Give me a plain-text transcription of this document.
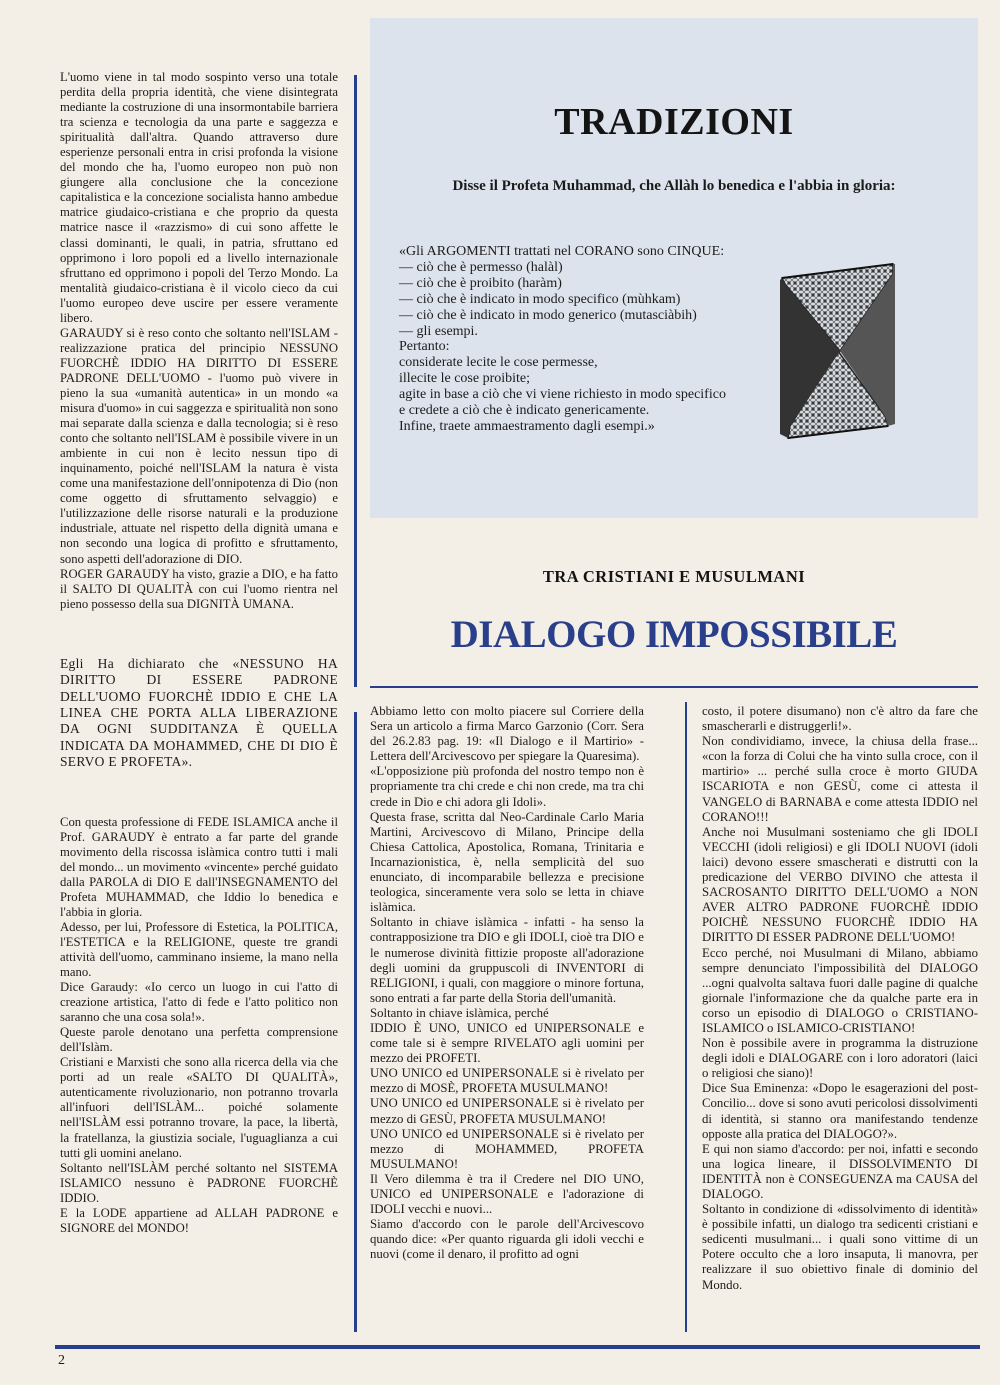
L'uomo viene in tal modo sospinto verso una totale perdita della propria identità, che viene disintegrata mediante la costruzione di una insormontabile barriera tra scienza e tecnologia da una parte e saggezza e spiritualità dall'altra. Quando attraverso dure esperienze personali entra in crisi profonda la visione del mondo che ha, l'uomo europeo non può non giungere alla conclusione che la concezione capitalistica e la concezione socialista hanno ambedue matrice giudaico-cristiana e che proprio da questa matrice nasce il «razzismo» di cui sono affette le classi dominanti, le quali, in patria, sfruttano ed opprimono i loro popoli ed a livello internazionale sfruttano ed opprimono i popoli del Terzo Mondo. La mentalità giudaico-cristiana è il vicolo cieco da cui l'uomo europeo deve uscire per essere veramente libero.

GARAUDY si è reso conto che soltanto nell'ISLAM - realizzazione pratica del principio NESSUNO FUORCHÈ IDDIO HA DIRITTO DI ESSERE PADRONE DELL'UOMO - l'uomo può vivere in pieno la sua «umanità autentica» in un mondo «a misura d'uomo» in cui saggezza e spiritualità non sono mai separate dalla scienza e dalla tecnologia; si è reso conto che soltanto nell'ISLAM è possibile vivere in un ambiente in cui non è lecito nessun tipo di inquinamento, poiché nell'ISLAM la natura è vista come una manifestazione dell'onnipotenza di Dio (non come oggetto di sfruttamento selvaggio) e l'utilizzazione delle risorse naturali e la produzione industriale, attuate nel rispetto della dignità umana e non secondo una logica di profitto e sfruttamento, sono aspetti dell'adorazione di DIO.

ROGER GARAUDY ha visto, grazie a DIO, e ha fatto il SALTO DI QUALITÀ con cui l'uomo rientra nel pieno possesso della sua DIGNITÀ UMANA.

Egli Ha dichiarato che «NESSUNO HA DIRITTO DI ESSERE PADRONE DELL'UOMO FUORCHÈ IDDIO E CHE LA LINEA CHE PORTA ALLA LIBERAZIONE DA OGNI SUDDITANZA È QUELLA INDICATA DA MOHAMMED, CHE DI DIO È SERVO E PROFETA».

Con questa professione di FEDE ISLAMICA anche il Prof. GARAUDY è entrato a far parte del grande movimento della riscossa islàmica contro tutti i mali del mondo... un movimento «vincente» perché guidato dalla PAROLA di DIO E dall'INSEGNAMENTO del Profeta MUHAMMAD, che Iddio lo benedica e l'abbia in gloria.

Adesso, per lui, Professore di Estetica, la POLITICA, l'ESTETICA e la RELIGIONE, queste tre grandi attività dell'uomo, camminano insieme, la mano nella mano.

Dice Garaudy: «Io cerco un luogo in cui l'atto di creazione artistica, l'atto di fede e l'atto politico non saranno che una cosa sola!».

Queste parole denotano una perfetta comprensione dell'Islàm.

Cristiani e Marxisti che sono alla ricerca della via che porti ad un reale «SALTO DI QUALITÀ», autenticamente rivoluzionario, non potranno trovarla all'infuori dell'ISLÀM... poiché solamente nell'ISLÀM essi potranno trovare, la pace, la libertà, la fratellanza, la giustizia sociale, l'uguaglianza a cui tutti gli uomini anelano.

Soltanto nell'ISLÀM perché soltanto nel SISTEMA ISLAMICO nessuno è PADRONE FUORCHÈ IDDIO.

E la LODE appartiene ad ALLAH PADRONE e SIGNORE del MONDO!

TRADIZIONI
Disse il Profeta Muhammad, che Allàh lo benedica e l'abbia in gloria:
«Gli ARGOMENTI trattati nel CORANO sono CINQUE:
— ciò che è permesso (halàl)
— ciò che è proibito (haràm)
— ciò che è indicato in modo specifico (mùhkam)
— ciò che è indicato in modo generico (mutasciàbih)
— gli esempi.
Pertanto:
considerate lecite le cose permesse,
illecite le cose proibite;
agite in base a ciò che vi viene richiesto in modo specifico
e credete a ciò che è indicato genericamente.
Infine, traete ammaestramento dagli esempi.»
TRA CRISTIANI E MUSULMANI
DIALOGO IMPOSSIBILE

Abbiamo letto con molto piacere sul Corriere della Sera un articolo a firma Marco Garzonio (Corr. Sera del 26.2.83 pag. 19: «Il Dialogo e il Martirio» - Lettera dell'Arcivescovo per spiegare la Quaresima).

«L'opposizione più profonda del nostro tempo non è propriamente tra chi crede e chi non crede, ma tra chi crede in Dio e chi adora gli Idoli».

Questa frase, scritta dal Neo-Cardinale Carlo Maria Martini, Arcivescovo di Milano, Principe della Chiesa Cattolica, Apostolica, Romana, Trinitaria e Incarnazionistica, è, nella semplicità del suo enunciato, di incomparabile bellezza e precisione teologica, sinceramente vera solo se letta in chiave islàmica.

Soltanto in chiave islàmica - infatti - ha senso la contrapposizione tra DIO e gli IDOLI, cioè tra DIO e le numerose divinità fittizie proposte all'adorazione degli uomini da gruppuscoli di INVENTORI di RELIGIONI, i quali, con maggiore o minore fortuna, sono entrati a far parte della Storia dell'umanità.

Soltanto in chiave islàmica, perché

IDDIO È UNO, UNICO ed UNIPERSONALE e come tale si è sempre RIVELATO agli uomini per mezzo dei PROFETI.

UNO UNICO ed UNIPERSONALE si è rivelato per mezzo di MOSÈ, PROFETA MUSULMANO!

UNO UNICO ed UNIPERSONALE si è rivelato per mezzo di GESÙ, PROFETA MUSULMANO!

UNO UNICO ed UNIPERSONALE si è rivelato per mezzo di MOHAMMED, PROFETA MUSULMANO!

Il Vero dilemma è tra il Credere nel DIO UNO, UNICO ed UNIPERSONALE e l'adorazione di IDOLI vecchi e nuovi...

Siamo d'accordo con le parole dell'Arcivescovo quando dice: «Per quanto riguarda gli idoli vecchi e nuovi (come il denaro, il profitto ad ogni

costo, il potere disumano) non c'è altro da fare che smascherarli e distruggerli!».

Non condividiamo, invece, la chiusa della frase... «con la forza di Colui che ha vinto sulla croce, con il martirio» ... perché sulla croce è morto GIUDA ISCARIOTA e non GESÙ, come ci attesta il VANGELO di BARNABA e come attesta IDDIO nel CORANO!!!

Anche noi Musulmani sosteniamo che gli IDOLI VECCHI (idoli religiosi) e gli IDOLI NUOVI (idoli laici) devono essere smascherati e distrutti con la predicazione del VERBO DIVINO che attesta il SACROSANTO DIRITTO DELL'UOMO a NON AVER ALTRO PADRONE FUORCHÈ IDDIO POICHÈ NESSUNO FUORCHÈ IDDIO HA DIRITTO DI ESSER PADRONE DELL'UOMO!

Ecco perché, noi Musulmani di Milano, abbiamo sempre denunciato l'impossibilità del DIALOGO ...ogni qualvolta saltava fuori dalle pagine di qualche giornale l'informazione che da qualche parte era in corso un episodio di DIALOGO o CRISTIANO-ISLAMICO o ISLAMICO-CRISTIANO!

Non è possibile avere in programma la distruzione degli idoli e DIALOGARE con i loro adoratori (laici o religiosi che siano)!

Dice Sua Eminenza: «Dopo le esagerazioni del post-Concilio... dove si sono avuti pericolosi dissolvimenti di identità, si stanno ora manifestando tendenze opposte alla pratica del DIALOGO?».

E qui non siamo d'accordo: per noi, infatti e secondo una logica lineare, il DISSOLVIMENTO DI IDENTITÀ non è CONSEGUENZA ma CAUSA del DIALOGO.

Soltanto in condizione di «dissolvimento di identità» è possibile infatti, un dialogo tra sedicenti cristiani e sedicenti musulmani... i quali sono vittime di un Potere occulto che a loro insaputa, li manovra, per realizzare il suo obiettivo finale di dominio del Mondo.

2
